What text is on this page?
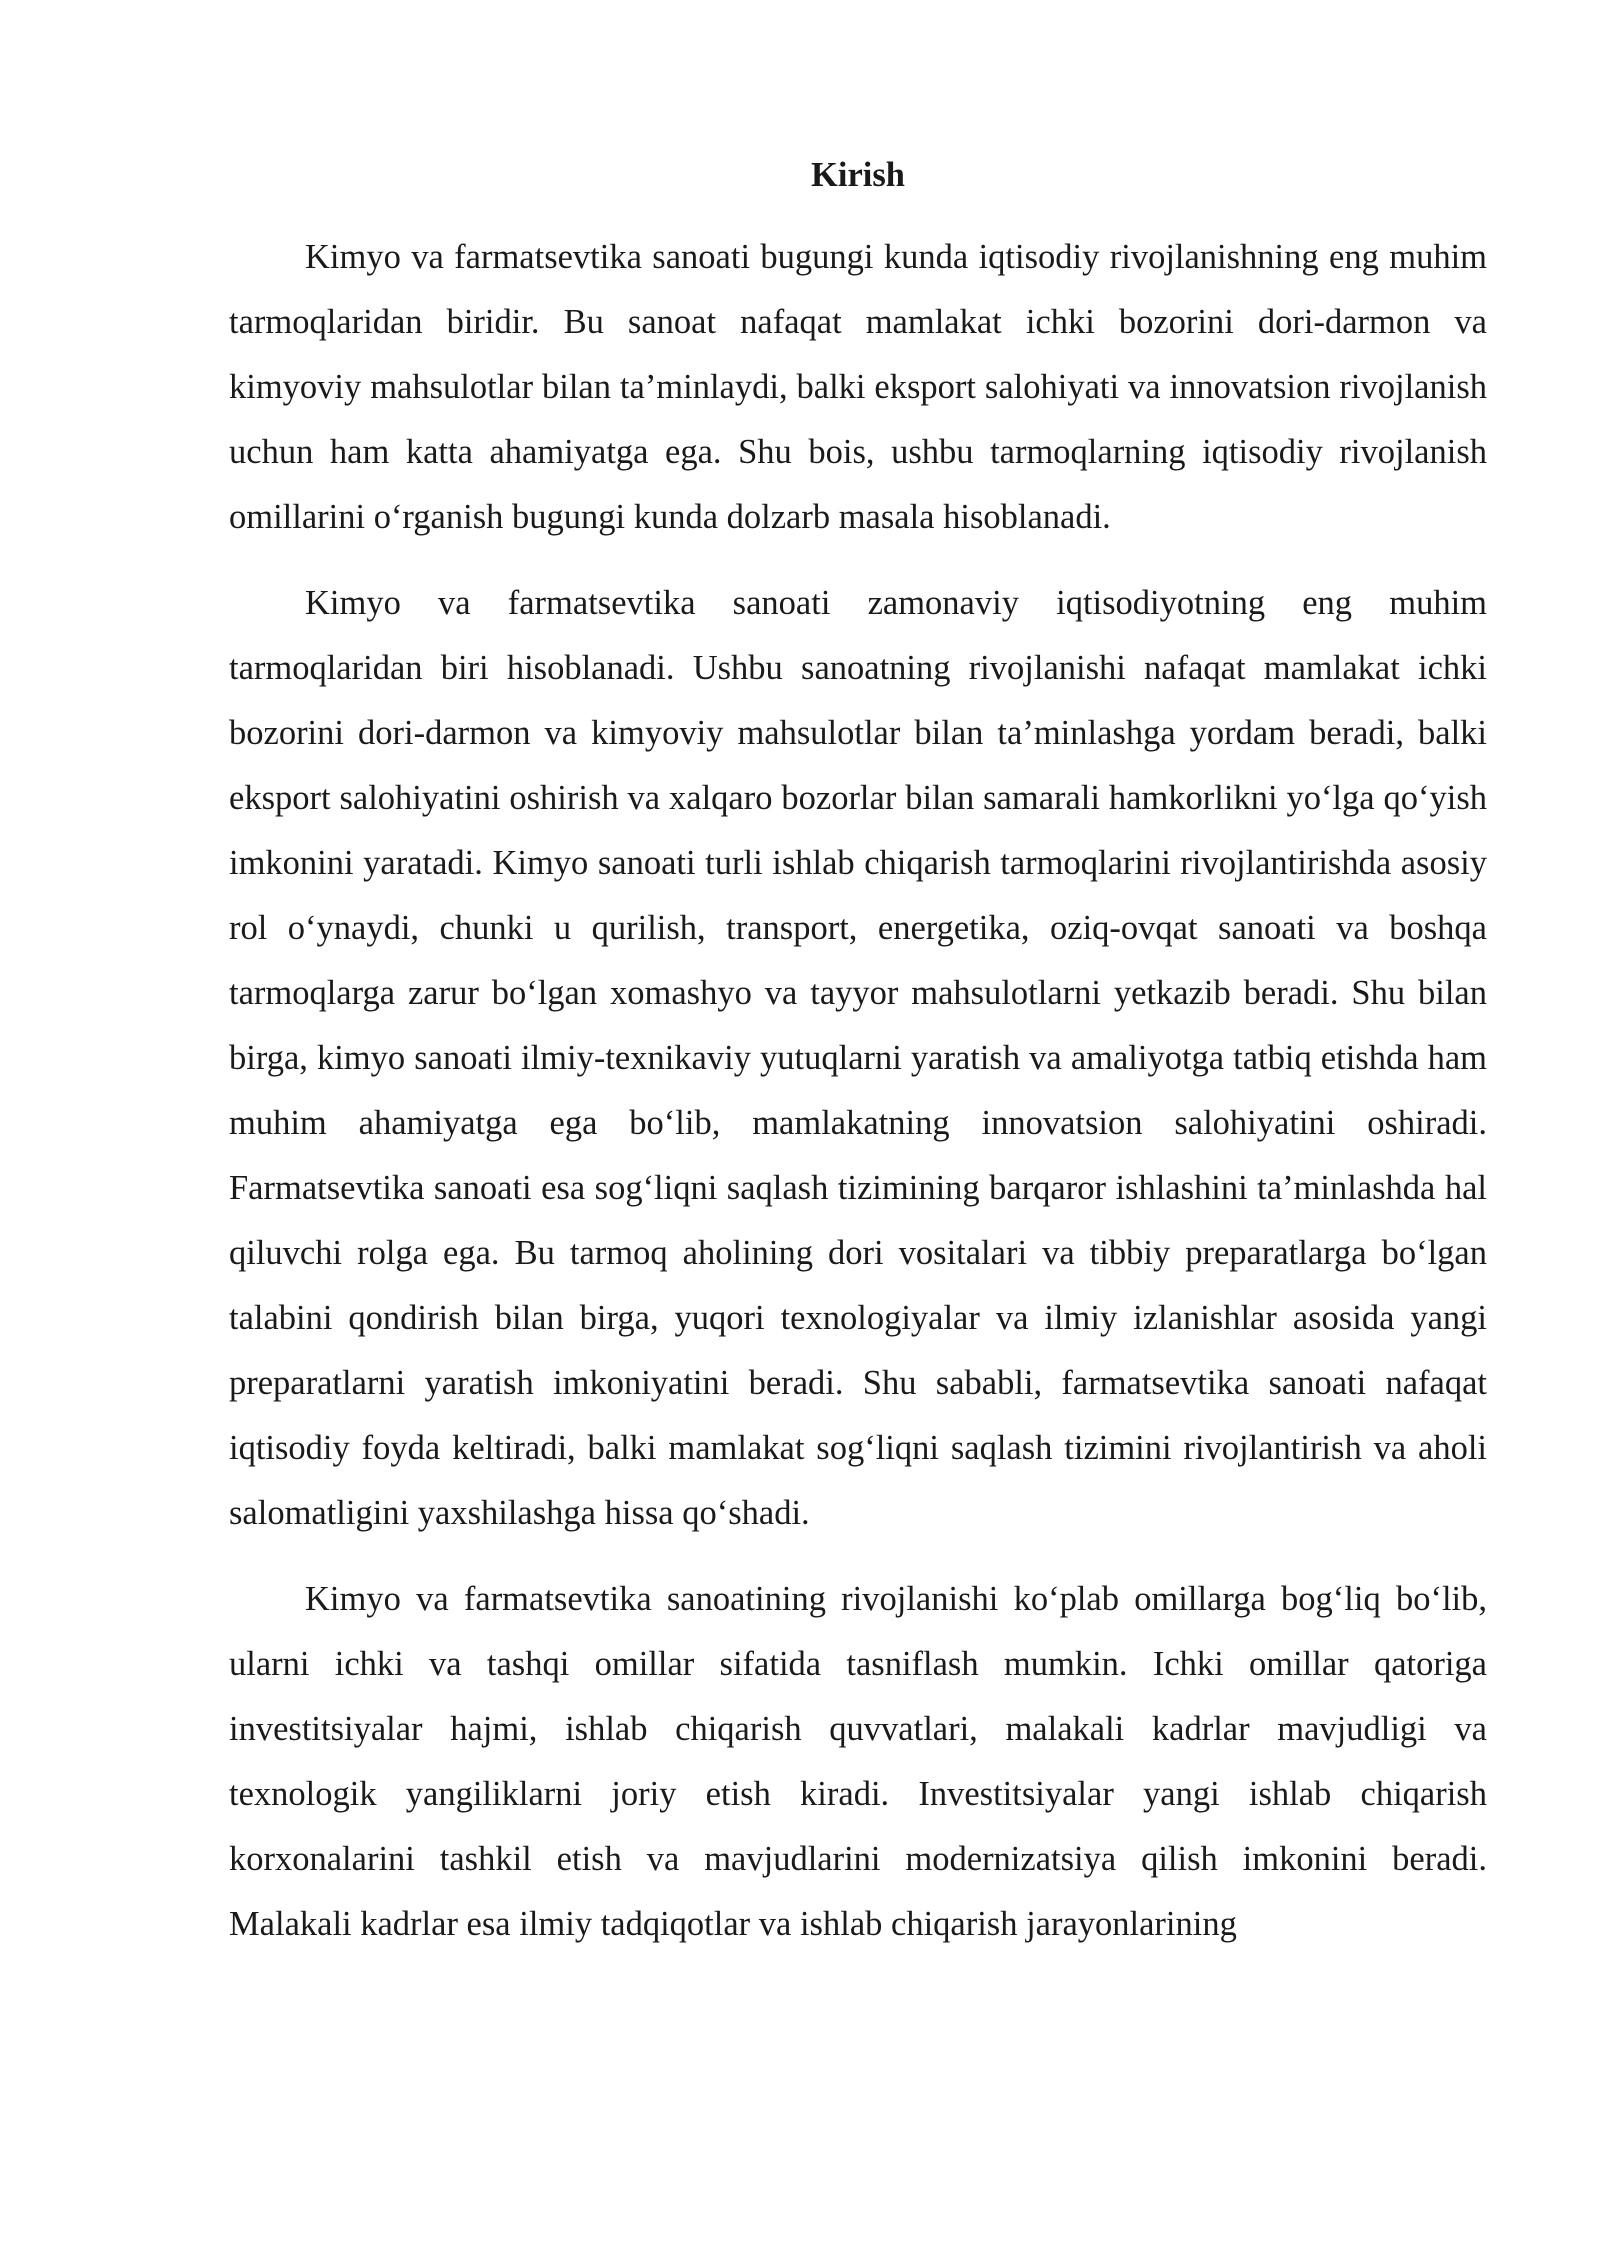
Kirish

Kimyo va farmatsevtika sanoati bugungi kunda iqtisodiy rivojlanishning eng muhim tarmoqlaridan biridir. Bu sanoat nafaqat mamlakat ichki bozorini dori-darmon va kimyoviy mahsulotlar bilan ta’minlaydi, balki eksport salohiyati va innovatsion rivojlanish uchun ham katta ahamiyatga ega. Shu bois, ushbu tarmoqlarning iqtisodiy rivojlanish omillarini o‘rganish bugungi kunda dolzarb masala hisoblanadi.

Kimyo va farmatsevtika sanoati zamonaviy iqtisodiyotning eng muhim tarmoqlaridan biri hisoblanadi. Ushbu sanoatning rivojlanishi nafaqat mamlakat ichki bozorini dori-darmon va kimyoviy mahsulotlar bilan ta’minlashga yordam beradi, balki eksport salohiyatini oshirish va xalqaro bozorlar bilan samarali hamkorlikni yo‘lga qo‘yish imkonini yaratadi. Kimyo sanoati turli ishlab chiqarish tarmoqlarini rivojlantirishda asosiy rol o‘ynaydi, chunki u qurilish, transport, energetika, oziq-ovqat sanoati va boshqa tarmoqlarga zarur bo‘lgan xomashyo va tayyor mahsulotlarni yetkazib beradi. Shu bilan birga, kimyo sanoati ilmiy-texnikaviy yutuqlarni yaratish va amaliyotga tatbiq etishda ham muhim ahamiyatga ega bo‘lib, mamlakatning innovatsion salohiyatini oshiradi. Farmatsevtika sanoati esa sog‘liqni saqlash tizimining barqaror ishlashini ta’minlashda hal qiluvchi rolga ega. Bu tarmoq aholining dori vositalari va tibbiy preparatlarga bo‘lgan talabini qondirish bilan birga, yuqori texnologiyalar va ilmiy izlanishlar asosida yangi preparatlarni yaratish imkoniyatini beradi. Shu sababli, farmatsevtika sanoati nafaqat iqtisodiy foyda keltiradi, balki mamlakat sog‘liqni saqlash tizimini rivojlantirish va aholi salomatligini yaxshilashga hissa qo‘shadi.

Kimyo va farmatsevtika sanoatining rivojlanishi ko‘plab omillarga bog‘liq bo‘lib, ularni ichki va tashqi omillar sifatida tasniflash mumkin. Ichki omillar qatoriga investitsiyalar hajmi, ishlab chiqarish quvvatlari, malakali kadrlar mavjudligi va texnologik yangiliklarni joriy etish kiradi. Investitsiyalar yangi ishlab chiqarish korxonalarini tashkil etish va mavjudlarini modernizatsiya qilish imkonini beradi. Malakali kadrlar esa ilmiy tadqiqotlar va ishlab chiqarish jarayonlarining
